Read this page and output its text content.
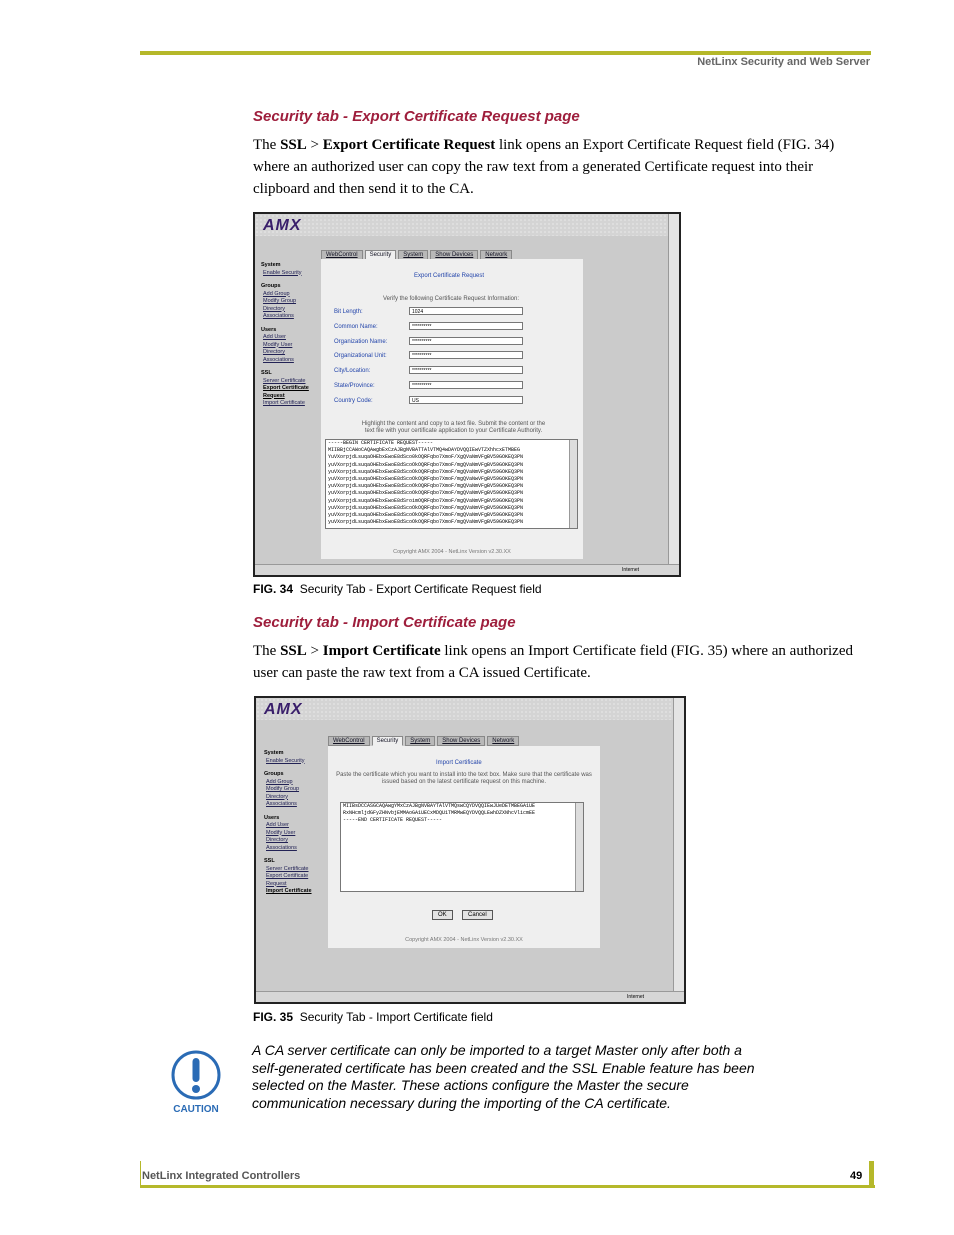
NetLinx Security and Web Server
Security tab - Export Certificate Request page

The SSL > Export Certificate Request link opens an Export Certificate Request field (FIG. 34) where an authorized user can copy the raw text from a generated Certificate request into their clipboard and then send it to the CA.

AMX
WebControl	Security	System	Show Devices	Network
System
Enable Security
Groups
Add Group
Modify Group
Directory
Associations
Users
Add User
Modify User
Directory
Associations
SSL
Server Certificate
Export Certificate Request
Import Certificate
Export Certificate Request
Verify the following Certificate Request Information:
Bit Length:	1024
Common Name:	**********
Organization Name:	**********
Organizational Unit:	**********
City/Location:	**********
State/Province:	**********
Country Code:	US
Highlight the content and copy to a text file. Submit the content or the text file with your certificate application to your Certificate Authority.
-----BEGIN CERTIFICATE REQUEST-----
MIIBBjCCAWoCAQAwgbExCzAJBgNVBATTAlVTMQ4wDAYDVQQIEwVTZXhhcxETMBEG
YuVXorpjdLsuqaOHEbxEwoE8dSco0kOQRFqbo7XmoF/XgQVaNmVFgBV59GOKEQ3PN
yuVXorpjdLsuqaOHEbxEwoE8dScoOkOQRFqbo7XmoF/mgQVaNmVFgBV59GOKEQ3PN
yuVXorpjdLsuqaOHEbxEwoE8dScoOkOQRFqbo7XmoF/mgQVaNmVFgBV59GOKEQ3PN
yuVXorpjdLsuqaOHEbxEwoE8dScoOkOQRFqbo7XmoF/mgQVaNwVFgBV59GOKEQ3PN
yuVXorpjdLsuqaOHEbxEwoE8dScoOkOQRFqbo7XmoF/mgQVaNmVFgBV59GOKEQ3PN
yuVXorpjdLsuqaOHEbxEwoE8dScoOkOQRFqbo7XmoF/mgQVaNmVFgBV59GOKEQ3PN
yuVXorpjdLsuqaOHEbxEwoE8dSroimOQRFqbo7XmoF/mgQVaNmVFgBV59GOKEQ3PN
yuVXorpjdLsuqaOHEbxEwoE8dScoOkOQRFqbo7XmoF/mgQVaNmVFgBV59GOKEQ3PN
yuVXorpjdLsuqaOHEbxEwoE8dScoOkOQRFqbo7XmoF/mgQVaNmVFgBV59GOKEQ3PN
yuVXorpjdLsuqaOHEbxEwoE8dScoOkOQRFqbo7XmoF/mgQVaNmVFgBV59GOKEQ3PN
Copyright AMX 2004 - NetLinx Version v2.30.XX
Internet
FIG. 34 Security Tab - Export Certificate Request field
Security tab - Import Certificate page

The SSL > Import Certificate link opens an Import Certificate field (FIG. 35) where an authorized user can paste the raw text from a CA issued Certificate.

AMX
WebControl	Security	System	Show Devices	Network
System
Enable Security
Groups
Add Group
Modify Group
Directory
Associations
Users
Add User
Modify User
Directory
Associations
SSL
Server Certificate
Export Certificate Request
Import Certificate
Import Certificate
Paste the certificate which you want to install into the text box. Make sure that the certificate was issued based on the latest certificate request on this machine.
MIIBsDCCASGCAQAwgYMxCzAJBgNVBAYTAlVTMQswCQYDVQQIEwJUeDETMBEGA1UE
RxNHcmljdGFyZHNvbjEMMAoGA1UECxMDQU1TMRMwEQYDVQQLEwhDZXNhcVlicmEE
-----END CERTIFICATE REQUEST-----
OK	Cancel
Copyright AMX 2004 - NetLinx Version v2.30.XX
Internet
FIG. 35 Security Tab - Import Certificate field
CAUTION
A CA server certificate can only be imported to a target Master only after both a self-generated certificate has been created and the SSL Enable feature has been selected on the Master. These actions configure the Master the secure communication necessary during the importing of the CA certificate.
NetLinx Integrated Controllers	49
